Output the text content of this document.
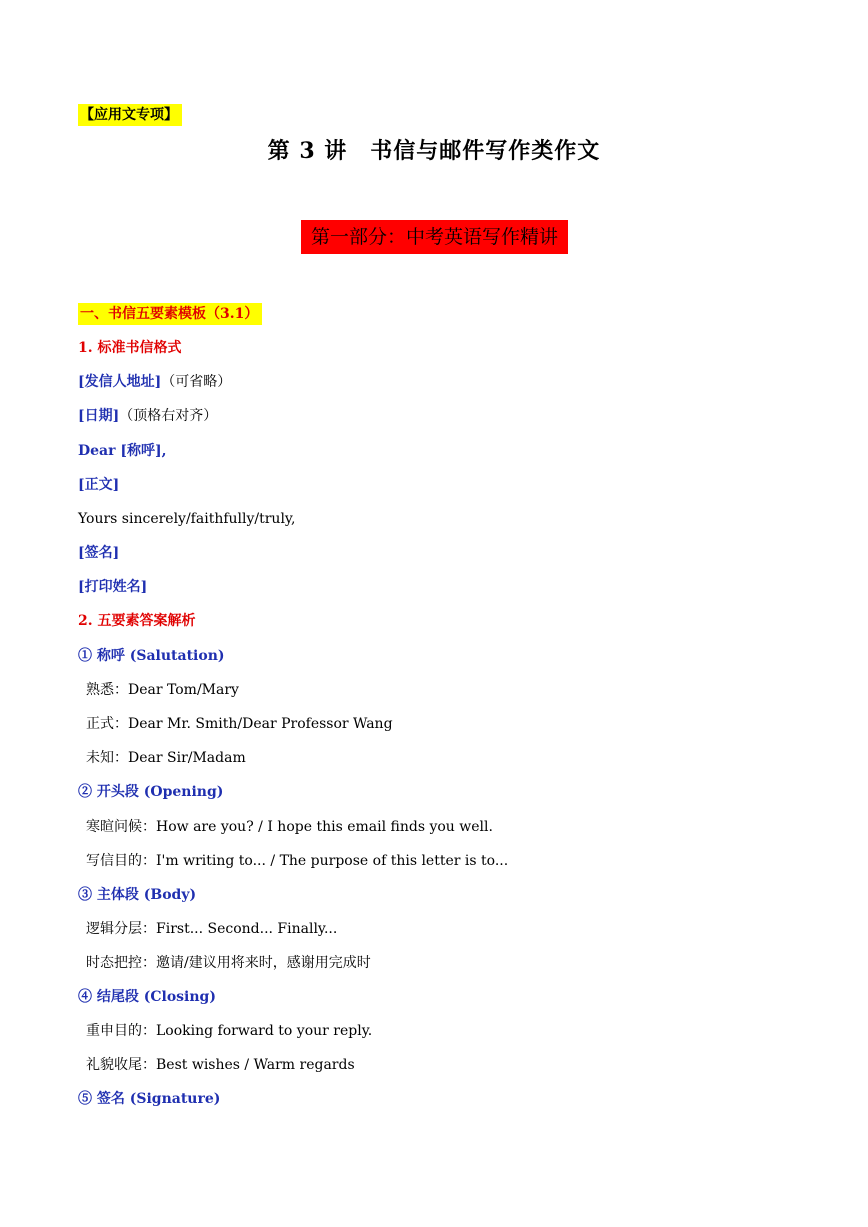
【应用文专项】
第 3 讲　书信与邮件写作类作文
第一部分：中考英语写作精讲
一、书信五要素模板（3.1）
1. 标准书信格式
[发信人地址]（可省略）
[日期]（顶格右对齐）
Dear [称呼],
[正文]
Yours sincerely/faithfully/truly,
[签名]
[打印姓名]
2. 五要素答案解析
① 称呼 (Salutation)
熟悉：Dear Tom/Mary
正式：Dear Mr. Smith/Dear Professor Wang
未知：Dear Sir/Madam
② 开头段 (Opening)
寒暄问候：How are you? / I hope this email finds you well.
写信目的：I'm writing to... / The purpose of this letter is to...
③ 主体段 (Body)
逻辑分层：First... Second... Finally...
时态把控：邀请/建议用将来时，感谢用完成时
④ 结尾段 (Closing)
重申目的：Looking forward to your reply.
礼貌收尾：Best wishes / Warm regards
⑤ 签名 (Signature)
